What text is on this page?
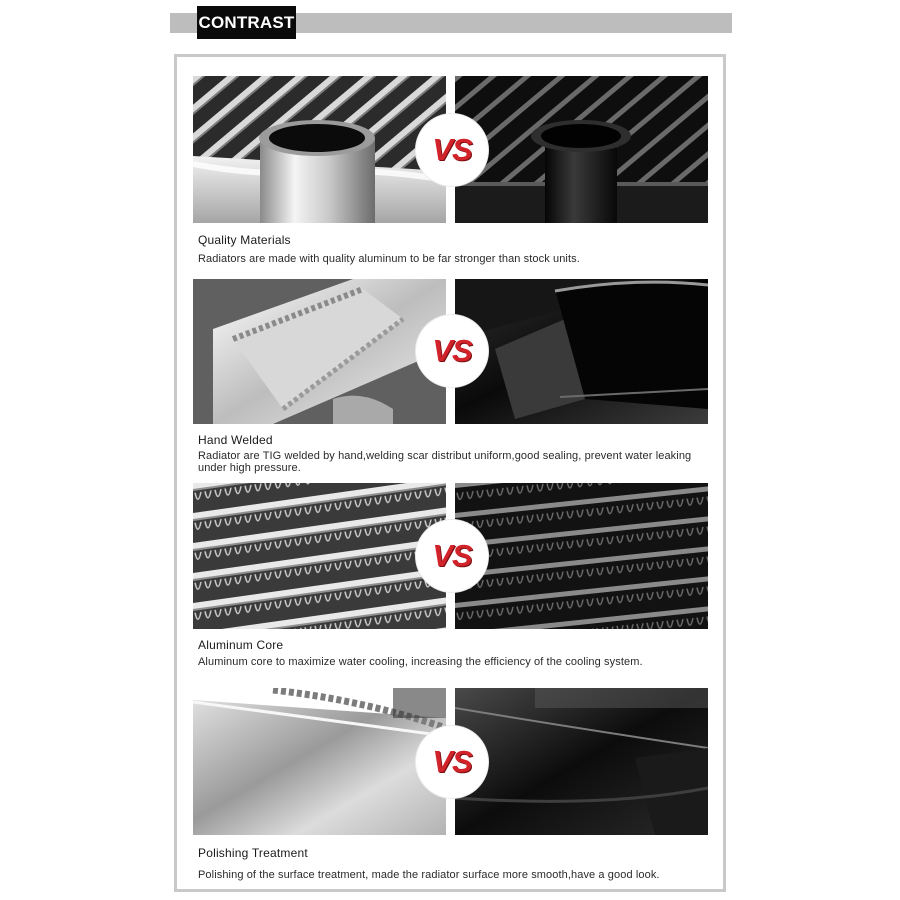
CONTRAST
VS
Quality Materials
Radiators are made with quality aluminum to be far stronger than stock units.
VS
Hand Welded
Radiator are TIG welded by hand,welding scar distribut uniform,good sealing, prevent water leaking under high pressure.
VS
Aluminum Core
Aluminum core to maximize water cooling, increasing the efficiency of the cooling system.
VS
Polishing Treatment
Polishing of the surface treatment, made the radiator surface more smooth,have a good look.
